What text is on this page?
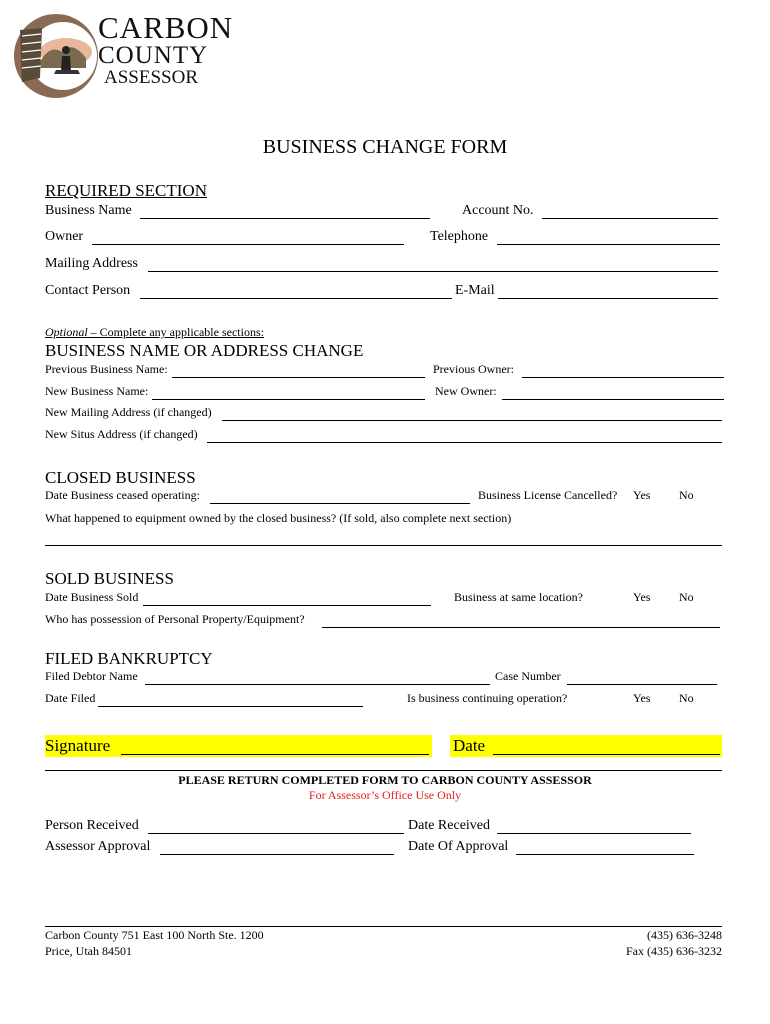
CARBON
COUNTY
ASSESSOR
BUSINESS CHANGE FORM
REQUIRED SECTION
Business Name	Account No.
Owner	Telephone
Mailing Address
Contact Person	E-Mail
Optional – Complete any applicable sections:
BUSINESS NAME OR ADDRESS CHANGE
Previous Business Name:	Previous Owner:
New Business Name:	New Owner:
New Mailing Address (if changed)
New Situs Address (if changed)
CLOSED BUSINESS
Date Business ceased operating:	Business License Cancelled? Yes No
What happened to equipment owned by the closed business? (If sold, also complete next section)
SOLD BUSINESS
Date Business Sold	Business at same location?	Yes No
Who has possession of Personal Property/Equipment?
FILED BANKRUPTCY
Filed Debtor Name	Case Number
Date Filed	Is business continuing operation?	Yes No
Signature	Date
PLEASE RETURN COMPLETED FORM TO CARBON COUNTY ASSESSOR
For Assessor’s Office Use Only
Person Received	Date Received
Assessor Approval	Date Of Approval
Carbon County 751 East 100 North Ste. 1200
Price, Utah 84501
(435) 636-3248
Fax (435) 636-3232
